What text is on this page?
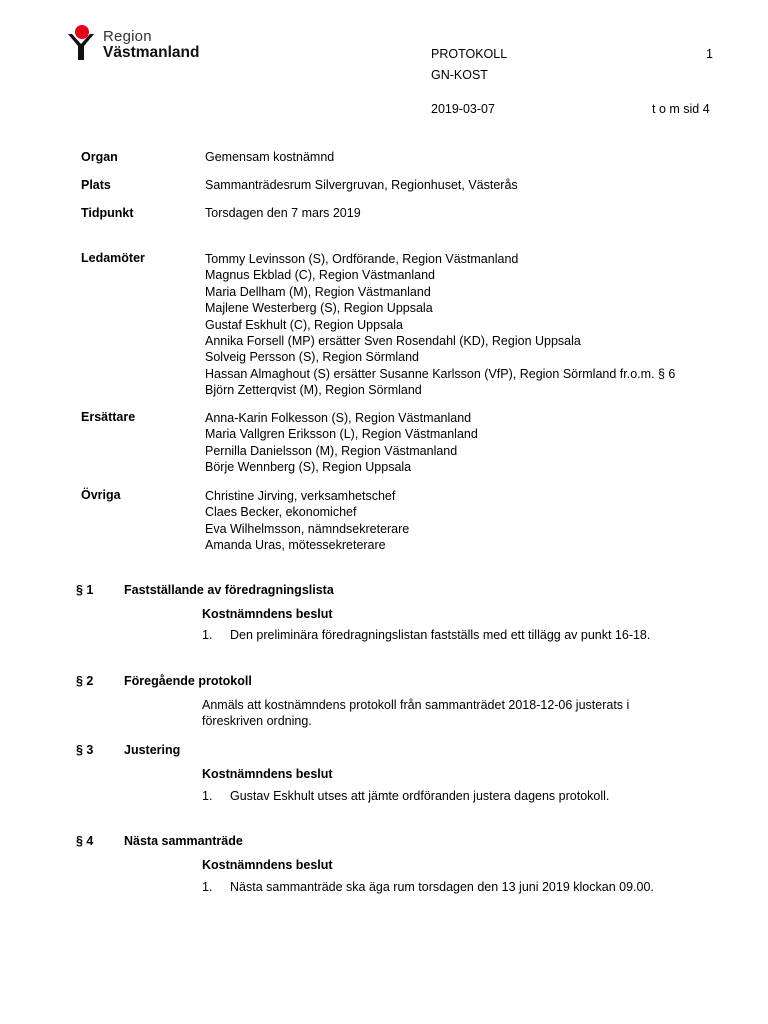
Region
Västmanland	PROTOKOLL	1
GN-KOST
2019-03-07	t o m sid 4
Organ	Gemensam kostnämnd
Plats	Sammanträdesrum Silvergruvan, Regionhuset, Västerås
Tidpunkt	Torsdagen den 7 mars 2019
Ledamöter	Tommy Levinsson (S), Ordförande, Region Västmanland
Magnus Ekblad (C), Region Västmanland
Maria Dellham (M), Region Västmanland
Majlene Westerberg (S), Region Uppsala
Gustaf Eskhult (C), Region Uppsala
Annika Forsell (MP) ersätter Sven Rosendahl (KD), Region Uppsala
Solveig Persson (S), Region Sörmland
Hassan Almaghout (S) ersätter Susanne Karlsson (VfP), Region Sörmland fr.o.m. § 6
Björn Zetterqvist (M), Region Sörmland
Ersättare	Anna-Karin Folkesson (S), Region Västmanland
Maria Vallgren Eriksson (L), Region Västmanland
Pernilla Danielsson (M), Region Västmanland
Börje Wennberg (S), Region Uppsala
Övriga	Christine Jirving, verksamhetschef
Claes Becker, ekonomichef
Eva Wilhelmsson, nämndsekreterare
Amanda Uras, mötessekreterare
§ 1 Fastställande av föredragningslista
Kostnämndens beslut
1. Den preliminära föredragningslistan fastställs med ett tillägg av punkt 16-18.
§ 2 Föregående protokoll
Anmäls att kostnämndens protokoll från sammanträdet 2018-12-06 justerats i
föreskriven ordning.
§ 3 Justering
Kostnämndens beslut
1. Gustav Eskhult utses att jämte ordföranden justera dagens protokoll.
§ 4 Nästa sammanträde
Kostnämndens beslut
1. Nästa sammanträde ska äga rum torsdagen den 13 juni 2019 klockan 09.00.
